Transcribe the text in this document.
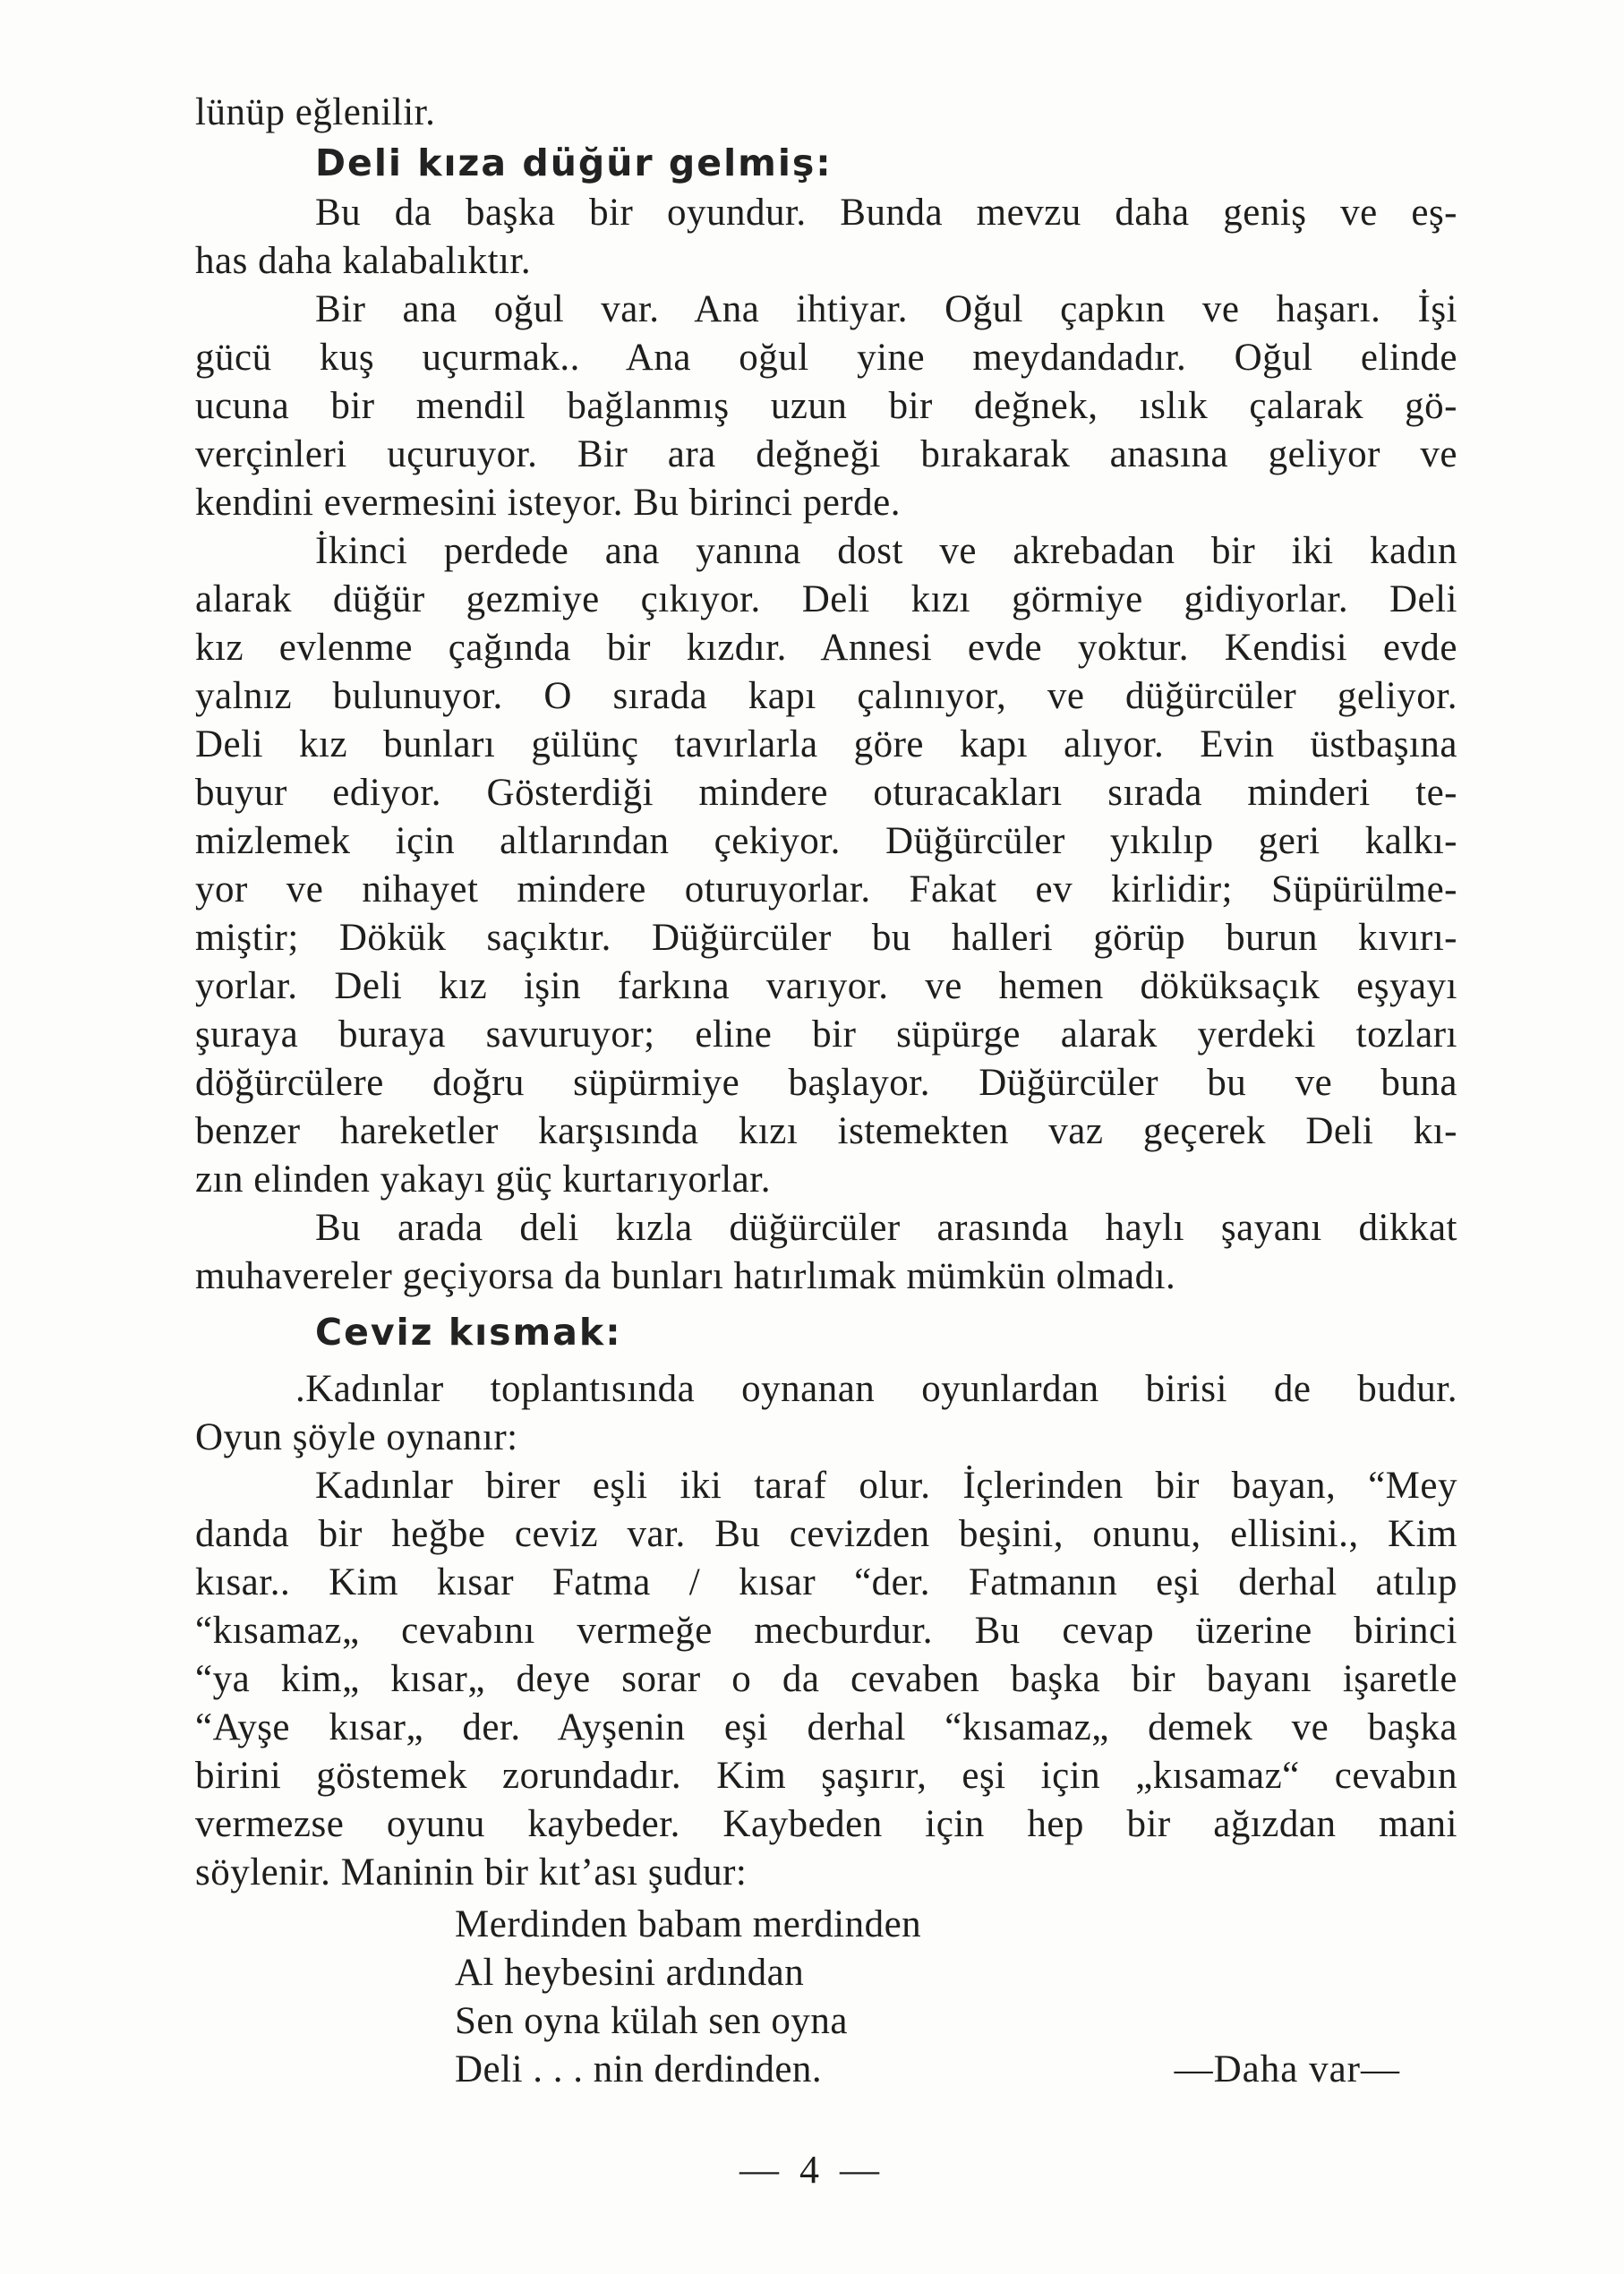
lünüp eğlenilir.
Deli kıza düğür gelmiş:
Bu da başka bir oyundur. Bunda mevzu daha geniş ve eş-
has daha kalabalıktır.
Bir ana oğul var. Ana ihtiyar. Oğul çapkın ve haşarı. İşi
gücü kuş uçurmak.. Ana oğul yine meydandadır. Oğul elinde
ucuna bir mendil bağlanmış uzun bir değnek, ıslık çalarak gö-
verçinleri uçuruyor. Bir ara değneği bırakarak anasına geliyor ve
kendini evermesini isteyor. Bu birinci perde.
İkinci perdede ana yanına dost ve akrebadan bir iki kadın
alarak düğür gezmiye çıkıyor. Deli kızı görmiye gidiyorlar. Deli
kız evlenme çağında bir kızdır. Annesi evde yoktur. Kendisi evde
yalnız bulunuyor. O sırada kapı çalınıyor, ve düğürcüler geliyor.
Deli kız bunları gülünç tavırlarla göre kapı alıyor. Evin üstbaşına
buyur ediyor. Gösterdiği mindere oturacakları sırada minderi te-
mizlemek için altlarından çekiyor. Düğürcüler yıkılıp geri kalkı-
yor ve nihayet mindere oturuyorlar. Fakat ev kirlidir; Süpürülme-
miştir; Dökük saçıktır. Düğürcüler bu halleri görüp burun kıvırı-
yorlar. Deli kız işin farkına varıyor. ve hemen döküksaçık eşyayı
şuraya buraya savuruyor; eline bir süpürge alarak yerdeki tozları
döğürcülere doğru süpürmiye başlayor. Düğürcüler bu ve buna
benzer hareketler karşısında kızı istemekten vaz geçerek Deli kı-
zın elinden yakayı güç kurtarıyorlar.
Bu arada deli kızla düğürcüler arasında haylı şayanı dikkat
muhavereler geçiyorsa da bunları hatırlımak mümkün olmadı.
Ceviz kısmak:
.Kadınlar toplantısında oynanan oyunlardan birisi de budur.
Oyun şöyle oynanır:
Kadınlar birer eşli iki taraf olur. İçlerinden bir bayan, “Mey
danda bir heğbe ceviz var. Bu cevizden beşini, onunu, ellisini., Kim
kısar.. Kim kısar Fatma / kısar “der. Fatmanın eşi derhal atılıp
“kısamaz„ cevabını vermeğe mecburdur. Bu cevap üzerine birinci
“ya kim„ kısar„ deye sorar o da cevaben başka bir bayanı işaretle
“Ayşe kısar„ der. Ayşenin eşi derhal “kısamaz„ demek ve başka
birini göstemek zorundadır. Kim şaşırır, eşi için „kısamaz“ cevabın
vermezse oyunu kaybeder. Kaybeden için hep bir ağızdan mani
söylenir. Maninin bir kıt’ası şudur:
Merdinden babam merdinden
Al heybesini ardından
Sen oyna külah sen oyna
Deli . . . nin derdinden.	—Daha var—
— 4 —
